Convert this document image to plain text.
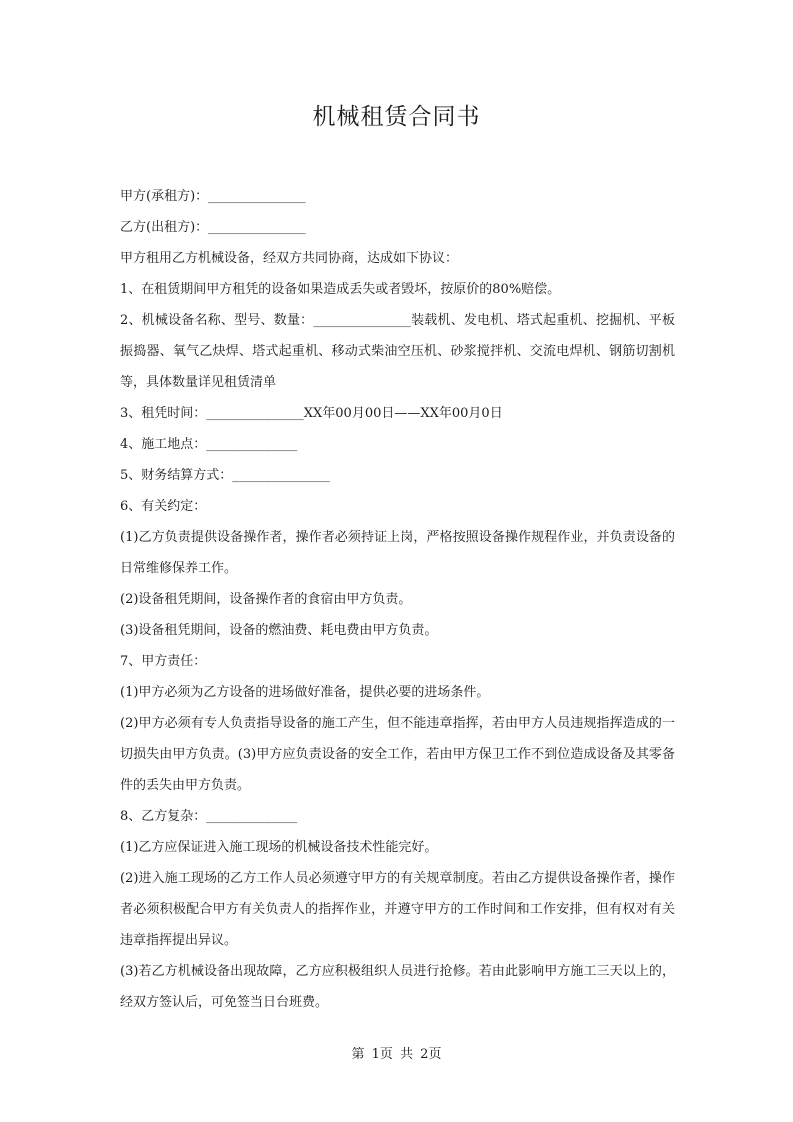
机械租赁合同书

甲方(承租方)：_______________

乙方(出租方)：_______________

甲方租用乙方机械设备，经双方共同协商，达成如下协议：

1、在租赁期间甲方租凭的设备如果造成丢失或者毁坏，按原价的80%赔偿。

2、机械设备名称、型号、数量：_______________装载机、发电机、塔式起重机、挖掘机、平板振捣器、氧气乙炔焊、塔式起重机、移动式柴油空压机、砂浆搅拌机、交流电焊机、钢筋切割机等，具体数量详见租赁清单

3、租凭时间：_______________XX年00月00日——XX年00月0日

4、施工地点：______________

5、财务结算方式：_______________

6、有关约定：

(1)乙方负责提供设备操作者，操作者必须持证上岗，严格按照设备操作规程作业，并负责设备的日常维修保养工作。

(2)设备租凭期间，设备操作者的食宿由甲方负责。

(3)设备租凭期间，设备的燃油费、耗电费由甲方负责。

7、甲方责任：

(1)甲方必须为乙方设备的进场做好准备，提供必要的进场条件。

(2)甲方必须有专人负责指导设备的施工产生，但不能违章指挥，若由甲方人员违规指挥造成的一切损失由甲方负责。(3)甲方应负责设备的安全工作，若由甲方保卫工作不到位造成设备及其零备件的丢失由甲方负责。

8、乙方复杂：______________

(1)乙方应保证进入施工现场的机械设备技术性能完好。

(2)进入施工现场的乙方工作人员必须遵守甲方的有关规章制度。若由乙方提供设备操作者，操作者必须积极配合甲方有关负责人的指挥作业，并遵守甲方的工作时间和工作安排，但有权对有关违章指挥提出异议。

(3)若乙方机械设备出现故障，乙方应积极组织人员进行抢修。若由此影响甲方施工三天以上的，经双方签认后，可免签当日台班费。

第 1页 共 2页
